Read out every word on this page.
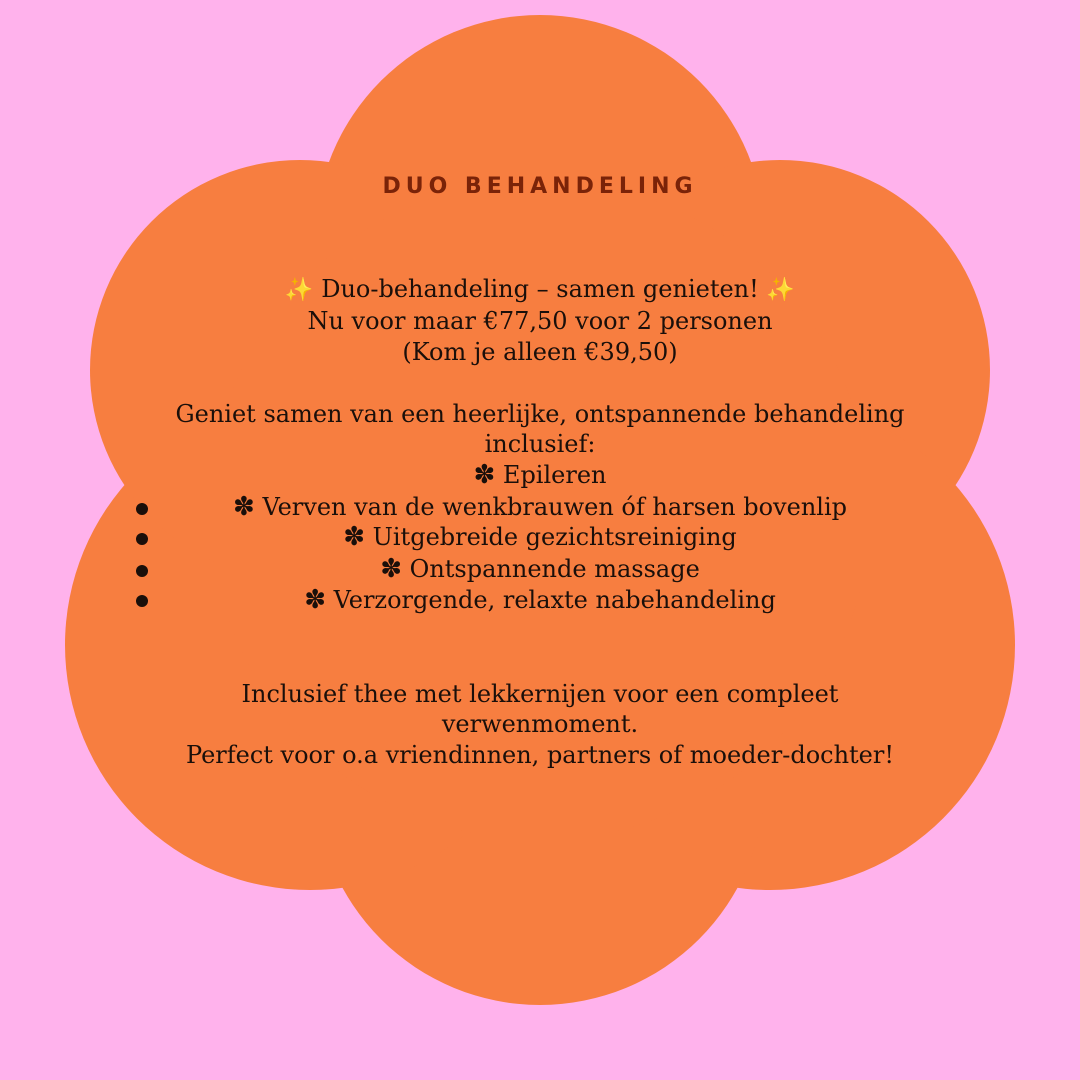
DUO BEHANDELING
✨ Duo-behandeling – samen genieten! ✨
Nu voor maar €77,50 voor 2 personen
(Kom je alleen €39,50)
Geniet samen van een heerlijke, ontspannende behandeling
inclusief:
✽ Epileren
✽ Verven van de wenkbrauwen óf harsen bovenlip
✽ Uitgebreide gezichtsreiniging
✽ Ontspannende massage
✽ Verzorgende, relaxte nabehandeling
Inclusief thee met lekkernijen voor een compleet
verwenmoment.
Perfect voor o.a vriendinnen, partners of moeder-dochter!
